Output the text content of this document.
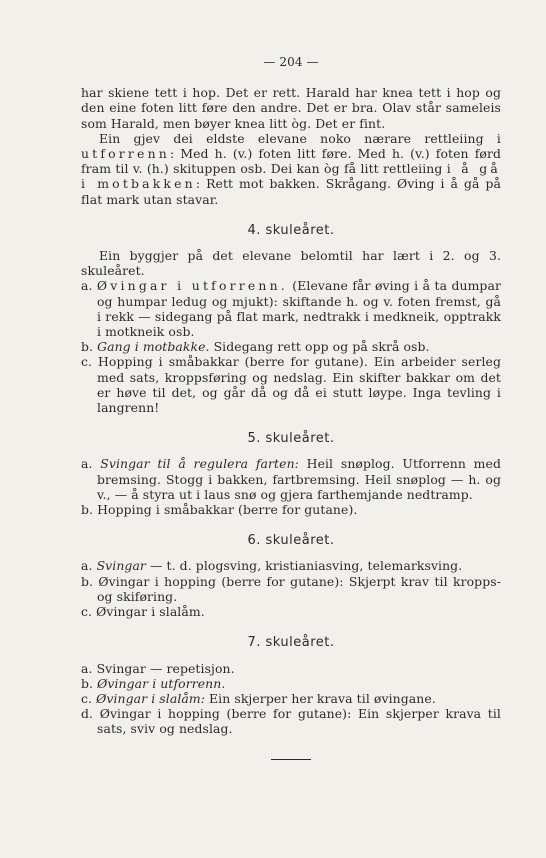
— 204 —

har skiene tett i hop. Det er rett. Harald har knea tett i hop og den eine foten litt føre den andre. Det er bra. Olav står sameleis som Harald, men bøyer knea litt òg. Det er fint.

Ein gjev dei eldste elevane noko nærare rettleiing i utforrenn: Med h. (v.) foten litt føre. Med h. (v.) foten førd fram til v. (h.) skituppen osb. Dei kan òg få litt rettleiing i å gå i motbakken: Rett mot bakken. Skrågang. Øving i å gå på flat mark utan stavar.

4. skuleåret.

Ein byggjer på det elevane belomtil har lært i 2. og 3. skuleåret.

a. Øvingar i utforrenn. (Elevane får øving i å ta dumpar og humpar ledug og mjukt): skiftande h. og v. foten fremst, gå i rekk — sidegang på flat mark, nedtrakk i medkneik, opptrakk i motkneik osb.

b. Gang i motbakke. Sidegang rett opp og på skrå osb.

c. Hopping i småbakkar (berre for gutane). Ein arbeider serleg med sats, kroppsføring og nedslag. Ein skifter bakkar om det er høve til det, og går då og då ei stutt løype. Inga tevling i langrenn!

5. skuleåret.

a. Svingar til å regulera farten: Heil snøplog. Utforrenn med bremsing. Stogg i bakken, fartbremsing. Heil snøplog — h. og v., — å styra ut i laus snø og gjera farthemjande nedtramp.

b. Hopping i småbakkar (berre for gutane).

6. skuleåret.

a. Svingar — t. d. plogsving, kristianiasving, telemarksving.

b. Øvingar i hopping (berre for gutane): Skjerpt krav til kropps- og skiføring.

c. Øvingar i slalåm.

7. skuleåret.

a. Svingar — repetisjon.

b. Øvingar i utforrenn.

c. Øvingar i slalåm: Ein skjerper her krava til øvingane.

d. Øvingar i hopping (berre for gutane): Ein skjerper krava til sats, sviv og nedslag.
